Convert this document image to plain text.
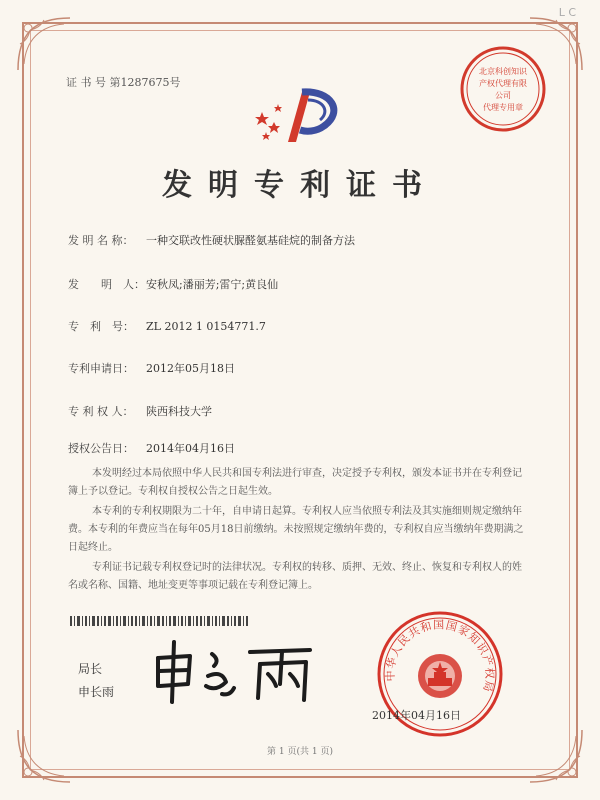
L C
证 书 号 第1287675号
北京科创知识
产权代理有限
公司
代理专用章
发明专利证书
发 明 名 称： 一种交联改性硬状脲醛氨基硅烷的制备方法
发　　明　人：安秋凤;潘丽芳;雷宁;黄良仙
专　利　号： ZL 2012 1 0154771.7
专利申请日： 2012年05月18日
专 利 权 人： 陕西科技大学
授权公告日： 2014年04月16日
本发明经过本局依照中华人民共和国专利法进行审查，决定授予专利权，颁发本证书并在专利登记簿上予以登记。专利权自授权公告之日起生效。
本专利的专利权期限为二十年，自申请日起算。专利权人应当依照专利法及其实施细则规定缴纳年费。本专利的年费应当在每年05月18日前缴纳。未按照规定缴纳年费的，专利权自应当缴纳年费期满之日起终止。
专利证书记载专利权登记时的法律状况。专利权的转移、质押、无效、终止、恢复和专利权人的姓名或名称、国籍、地址变更等事项记载在专利登记簿上。
局长
申长雨
中华人民共和国国家知识产权局
2014年04月16日
第 1 页(共 1 页)
